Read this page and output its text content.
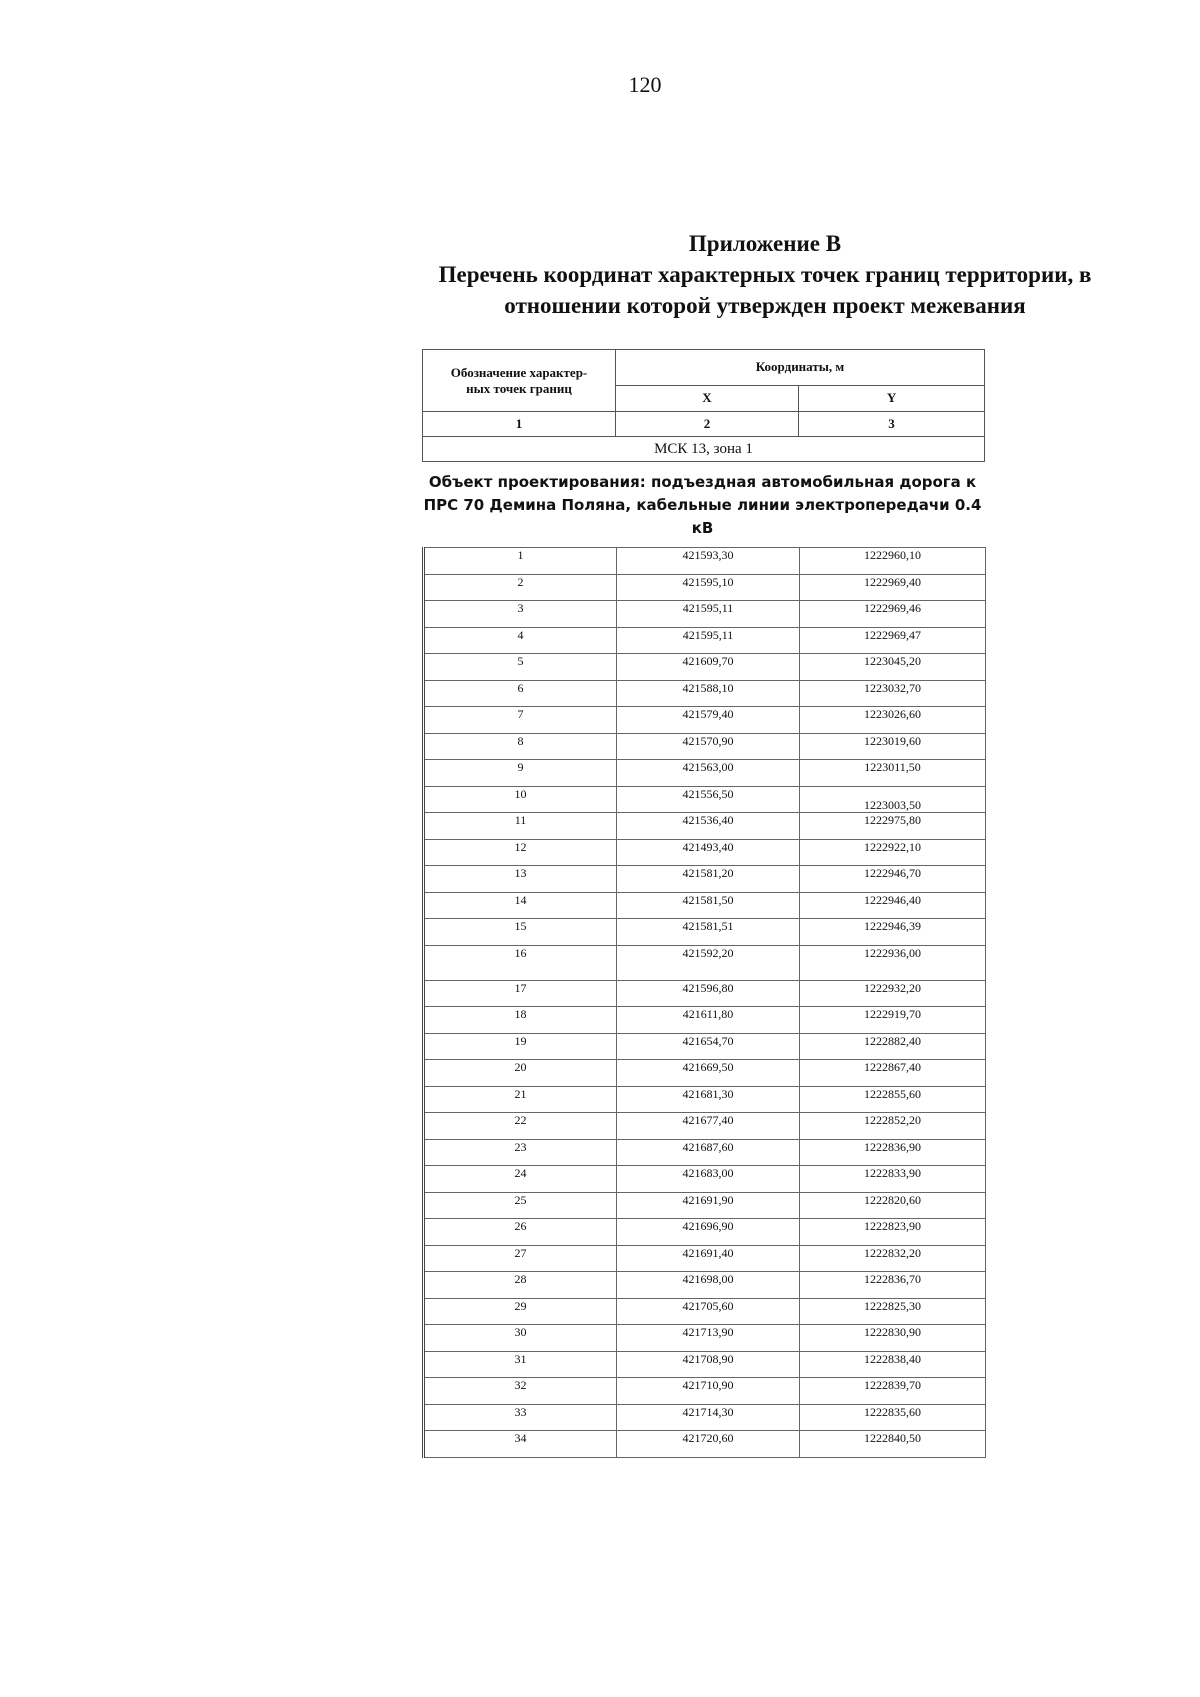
120
Приложение В
Перечень координат характерных точек границ территории, в
отношении которой утвержден проект межевания
Обозначение характер-
ных точек границ	Координаты, м	
	X	Y
1	2	3
МСК 13, зона 1		
Объект проектирования: подъездная автомобильная дорога к
ПРС 70 Демина Поляна, кабельные линии электропередачи 0.4
кВ
1	421593,30	1222960,10
2	421595,10	1222969,40
3	421595,11	1222969,46
4	421595,11	1222969,47
5	421609,70	1223045,20
6	421588,10	1223032,70
7	421579,40	1223026,60
8	421570,90	1223019,60
9	421563,00	1223011,50
10	421556,50	1223003,50
11	421536,40	1222975,80
12	421493,40	1222922,10
13	421581,20	1222946,70
14	421581,50	1222946,40
15	421581,51	1222946,39
16	421592,20	1222936,00
17	421596,80	1222932,20
18	421611,80	1222919,70
19	421654,70	1222882,40
20	421669,50	1222867,40
21	421681,30	1222855,60
22	421677,40	1222852,20
23	421687,60	1222836,90
24	421683,00	1222833,90
25	421691,90	1222820,60
26	421696,90	1222823,90
27	421691,40	1222832,20
28	421698,00	1222836,70
29	421705,60	1222825,30
30	421713,90	1222830,90
31	421708,90	1222838,40
32	421710,90	1222839,70
33	421714,30	1222835,60
34	421720,60	1222840,50
